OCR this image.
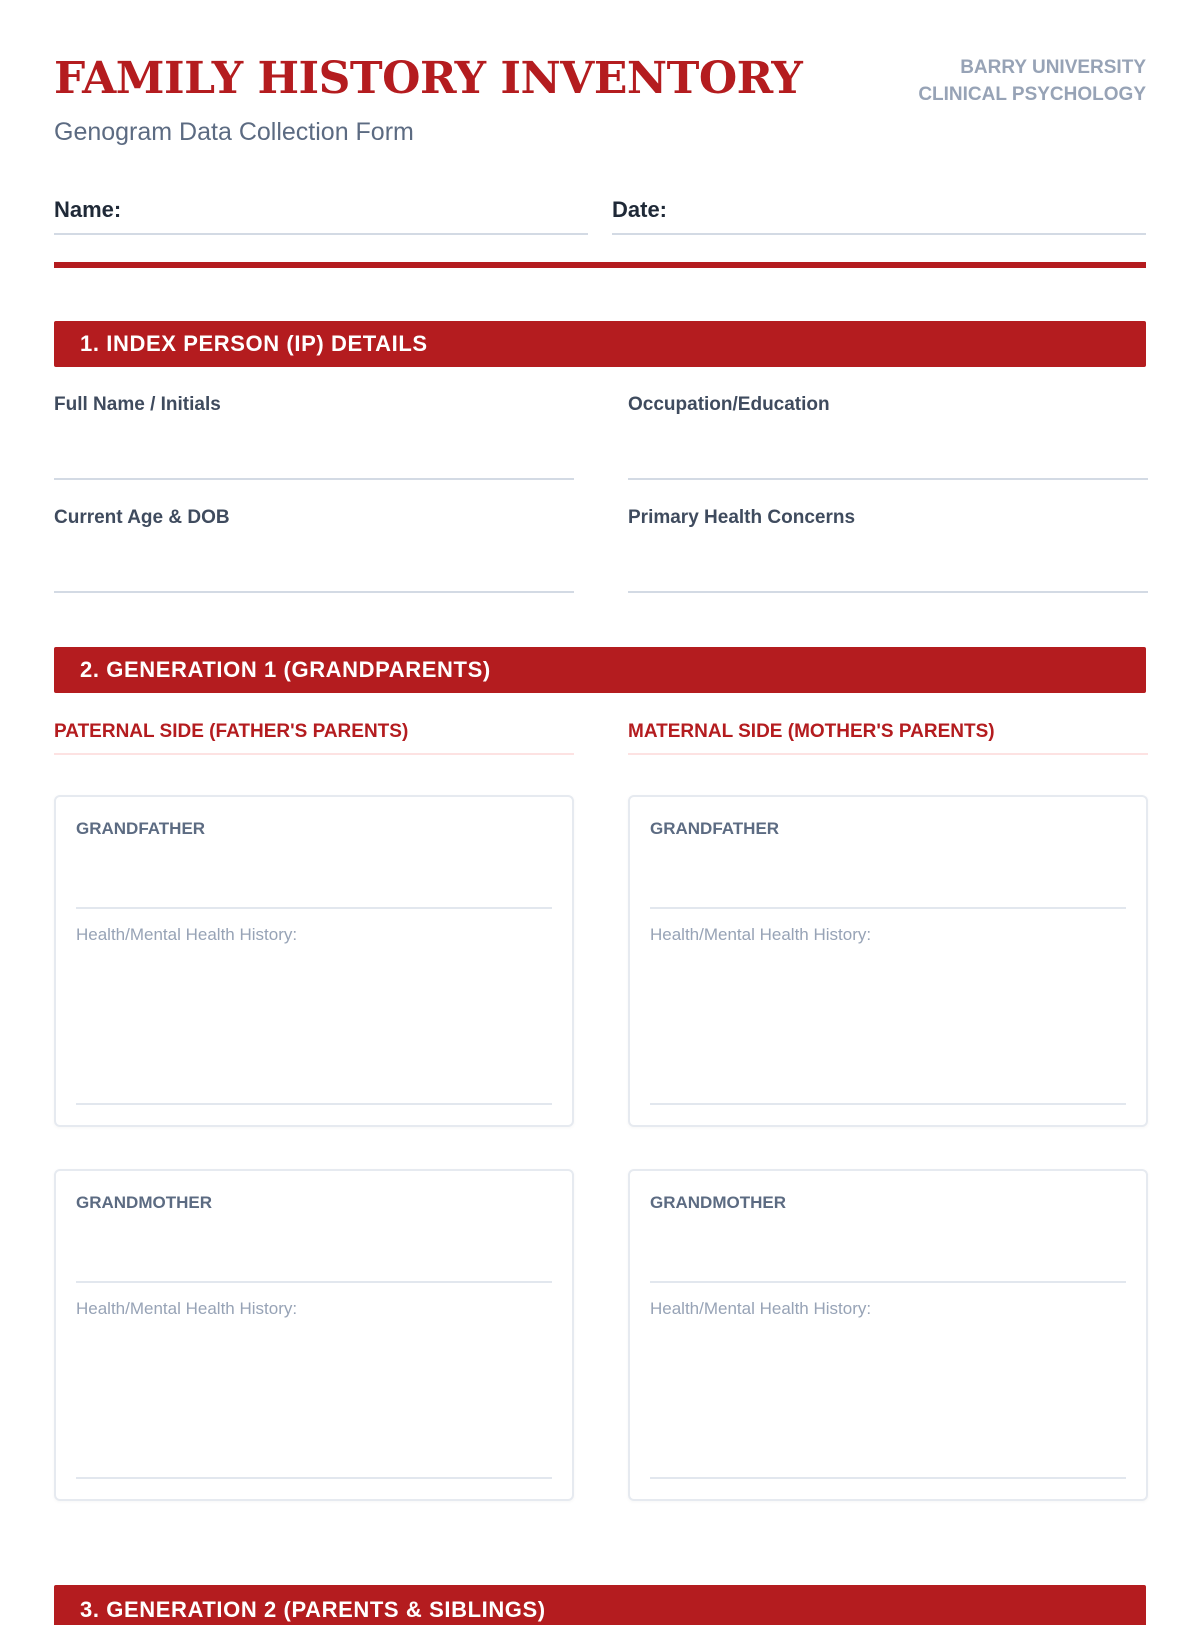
FAMILY HISTORY INVENTORY
Genogram Data Collection Form
BARRY UNIVERSITY
CLINICAL PSYCHOLOGY
Name:	Date:
1. INDEX PERSON (IP) DETAILS
Full Name / Initials	Occupation/Education
Current Age & DOB	Primary Health Concerns
2. GENERATION 1 (GRANDPARENTS)
PATERNAL SIDE (FATHER'S PARENTS)
GRANDFATHER
Health/Mental Health History:
GRANDMOTHER
Health/Mental Health History:
MATERNAL SIDE (MOTHER'S PARENTS)
GRANDFATHER
Health/Mental Health History:
GRANDMOTHER
Health/Mental Health History:
3. GENERATION 2 (PARENTS & SIBLINGS)
